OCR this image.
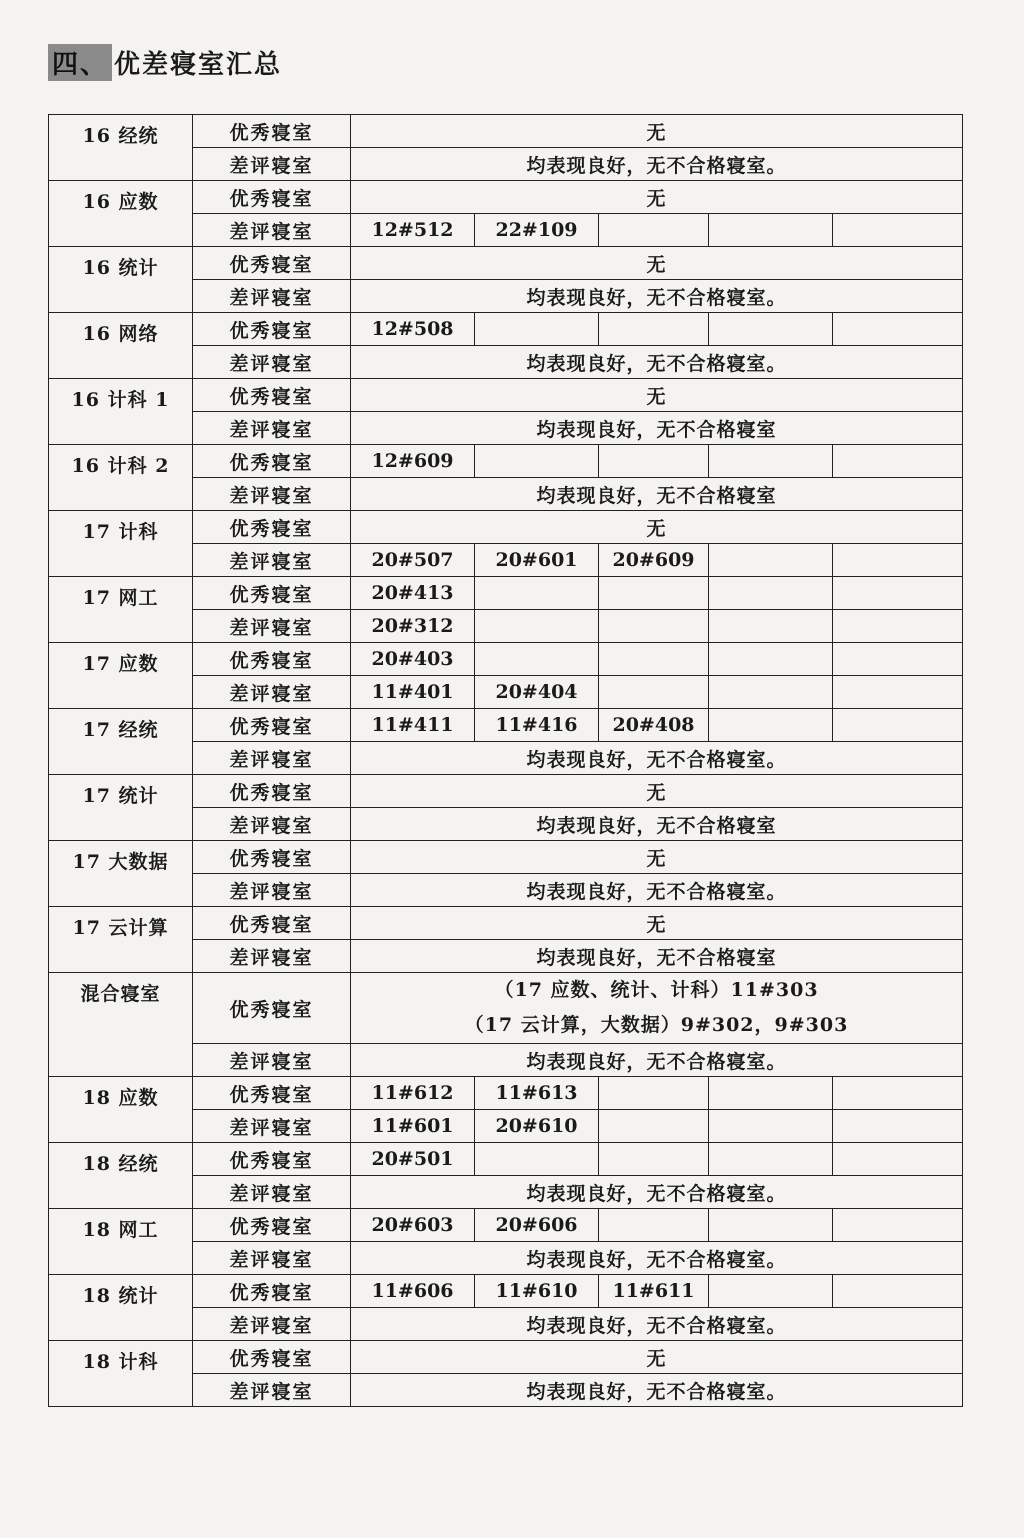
四、 优差寝室汇总
16 经统	优秀寝室	无				
	差评寝室	均表现良好，无不合格寝室。				
16 应数	优秀寝室	无				
	差评寝室	12#512	22#109			
16 统计	优秀寝室	无				
	差评寝室	均表现良好，无不合格寝室。				
16 网络	优秀寝室	12#508				
	差评寝室	均表现良好，无不合格寝室。				
16 计科 1	优秀寝室	无				
	差评寝室	均表现良好，无不合格寝室				
16 计科 2	优秀寝室	12#609				
	差评寝室	均表现良好，无不合格寝室				
17 计科	优秀寝室	无				
	差评寝室	20#507	20#601	20#609		
17 网工	优秀寝室	20#413				
	差评寝室	20#312				
17 应数	优秀寝室	20#403				
	差评寝室	11#401	20#404			
17 经统	优秀寝室	11#411	11#416	20#408		
	差评寝室	均表现良好，无不合格寝室。				
17 统计	优秀寝室	无				
	差评寝室	均表现良好，无不合格寝室				
17 大数据	优秀寝室	无				
	差评寝室	均表现良好，无不合格寝室。				
17 云计算	优秀寝室	无				
	差评寝室	均表现良好，无不合格寝室				
混合寝室	优秀寝室	（17 应数、统计、计科）11#303
（17 云计算，大数据）9#302，9#303				

	差评寝室	均表现良好，无不合格寝室。				
18 应数	优秀寝室	11#612	11#613			
	差评寝室	11#601	20#610			
18 经统	优秀寝室	20#501				
	差评寝室	均表现良好，无不合格寝室。				
18 网工	优秀寝室	20#603	20#606			
	差评寝室	均表现良好，无不合格寝室。				
18 统计	优秀寝室	11#606	11#610	11#611		
	差评寝室	均表现良好，无不合格寝室。				
18 计科	优秀寝室	无				
	差评寝室	均表现良好，无不合格寝室。				
